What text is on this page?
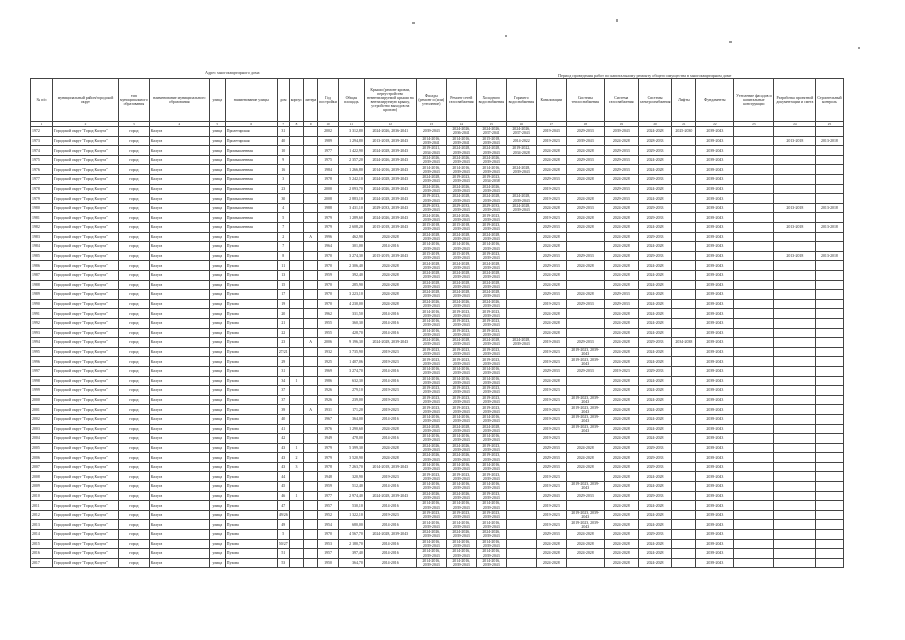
Адрес многоквартирного дома
Период проведения работ по капитальному ремонту общего имущества в многоквартирном доме
№ п/п	муниципальный район/городской округ	тип муниципального образования	наименование муниципального образования	улица	наименование улицы	дом	корпус	литера	Год постройки	Общая площадь	Крыши (ремонт кровли, переустройство невентилируемой крыши на вентилируемую крышу, устройство выходов на кровлю)	Фасады (ремонт и (или) утепление)	Ремонт сетей газоснабжения	Холодного водоснабжения	Горячего водоснабжения	Канализации	Системы теплоснабжения	Система газоснабжения	Системы электроснабжения	Лифты	Фундаменты	Утепление фасадов и капитальные конструкции	Разработка проектной документации и смета	Строительный контроль
1	2	3	4	5	6	7	8	9	10	11	12	13	14	15	16	17	18	19	20	21	22	23	24	25
1972	Городской округ "Город Калуга"	город	Калуга	улица	Пролетарская	31			2002	3 312,80	2024-2026, 2036-2041	2039-2043	2024-2026, 2036-2041	2024-2026, 2037-2041	2024-2026, 2037-2043	2019-2043	2029-2033	2039-2043	2024-2028	2025-2030	2039-2043			
1973	Городской округ "Город Калуга"	город	Калуга	улица	Пролетарская	40			1989	1 294,80	2013-2018, 2039-2043	2014-2016, 2039-2041	2014-2016, 2039-2041	2015-2018, 2039-2043	2014-2022	2019-2023	2039-2043	2024-2028	2028-2033		2039-2043		2013-2018	2013-2018
1974	Городской округ "Город Калуга"	город	Калуга	улица	Промышленная	10			1977	1 422,90	2024-2028, 2039-2043	2019-2021, 2034-2043	2024-2028, 2039-2043	2024-2028, 2039-2043	2019-2022, 2034-2028	2024-2028	2024-2028	2029-2033	2029-2033		2039-2043			
1975	Городской округ "Город Калуга"	город	Калуга	улица	Промышленная	9			1975	2 357,20	2024-2026, 2039-2043	2024-2026, 2039-2043	2024-2026, 2039-2043	2024-2026, 2039-2043		2024-2028	2029-2033	2029-2033	2024-2028		2039-2043			
1976	Городской округ "Город Калуга"	город	Калуга	улица	Промышленная	16			1984	1 266,80	2014-2016, 2039-2043	2014-2016, 2039-2043	2014-2016, 2039-2043	2014-2016, 2039-2043	2024-2028, 2039-2043	2024-2028	2024-2028	2029-2033	2024-2028		2039-2043			
1977	Городской округ "Город Калуга"	город	Калуга	улица	Промышленная	3			1978	5 242,10	2024-2028, 2039-2043	2024-2028, 2039-2043	2019-2023, 2039-2043	2019-2023, 2034-2038		2029-2033	2024-2028	2024-2028	2029-2033		2039-2043			
1978	Городской округ "Город Калуга"	город	Калуга	улица	Промышленная	23			2000	2 093,70	2024-2026, 2039-2043	2024-2026, 2039-2043	2024-2026, 2039-2043	2024-2026, 2039-2043		2019-2023		2029-2033	2024-2028		2039-2043			
1979	Городской округ "Город Калуга"	город	Калуга	улица	Промышленная	30			2008	2 883,10	2024-2028, 2039-2043	2019-2023, 2039-2043	2024-2028, 2039-2043	2024-2028, 2039-2043	2024-2028, 2039-2043	2019-2023	2024-2028	2029-2033	2024-2028		2039-2043			
1980	Городской округ "Город Калуга"	город	Калуга	улица	Промышленная	4			1988	3 431,10	2029-2033, 2039-2043	2029-2033, 2039-2043	2029-2033, 2039-2043	2029-2033, 2039-2043	2024-2028, 2039-2043	2024-2028	2029-2033	2024-2028	2029-2033		2039-2043		2013-2018	2013-2018
1981	Городской округ "Город Калуга"	город	Калуга	улица	Промышленная	5			1979	1 289,60	2024-2026, 2039-2043	2024-2026, 2039-2043	2024-2026, 2039-2043	2019-2023, 2039-2043		2019-2023	2024-2028	2024-2028	2029-2033		2039-2043			
1982	Городской округ "Город Калуга"	город	Калуга	улица	Промышленная	7			1979	2 608,20	2015-2018, 2039-2043	2015-2018, 2039-2043	2015-2018, 2039-2043	2019-2023, 2039-2043		2029-2033	2024-2028	2024-2028	2024-2028		2039-2043		2013-2018	2013-2018
1983	Городской округ "Город Калуга"	город	Калуга	улица	Пухова	2		А	1996	462,90	2024-2028	2024-2028, 2039-2043	2024-2028, 2039-2043	2024-2028, 2039-2043		2024-2028		2024-2028	2029-2033		2039-2043			
1984	Городской округ "Город Калуга"	город	Калуга	улица	Пухова	7			1964	301,00	2014-2016	2014-2016, 2039-2043	2014-2016, 2039-2043	2014-2016, 2039-2043		2024-2028		2024-2028	2024-2028		2039-2043			
1985	Городской округ "Город Калуга"	город	Калуга	улица	Пухова	8			1970	3 274,30	2015-2019, 2039-2043	2015-2019, 2039-2043	2015-2019, 2039-2043	2019-2023, 2039-2043		2029-2033	2029-2033	2024-2028	2029-2033		2039-2043		2013-2018	2013-2018
1986	Городской округ "Город Калуга"	город	Калуга	улица	Пухова	11			1970	2 306,40	2024-2028	2024-2028, 2039-2043	2024-2028, 2039-2043	2024-2028, 2039-2043		2029-2033	2024-2028	2024-2028	2024-2028		2039-2043			
1987	Городской округ "Город Калуга"	город	Калуга	улица	Пухова	13			1959	392,40	2024-2028	2024-2028, 2039-2043	2024-2028, 2039-2043	2024-2028, 2039-2043		2024-2028		2024-2028	2024-2028		2039-2043			
1988	Городской округ "Город Калуга"	город	Калуга	улица	Пухова	15			1970	285,90	2024-2028	2024-2028, 2039-2043	2024-2028, 2039-2043	2024-2028, 2039-2043		2024-2028		2024-2028	2024-2028		2039-2043			
1989	Городской округ "Город Калуга"	город	Калуга	улица	Пухова	17			1970	3 223,10	2024-2028	2024-2028, 2039-2043	2024-2028, 2039-2043	2024-2028, 2039-2043		2029-2033	2024-2028	2029-2033	2024-2028		2039-2043			
1990	Городской округ "Город Калуга"	город	Калуга	улица	Пухова	19			1970	4 230,00	2024-2028	2024-2026, 2039-2043	2024-2026, 2039-2043	2024-2026, 2039-2043		2019-2023	2029-2033	2029-2033	2024-2028		2039-2043			
1991	Городской округ "Город Калуга"	город	Калуга	улица	Пухова	20			1962	331,50	2014-2016	2014-2016, 2039-2043	2019-2023, 2039-2043	2019-2023, 2039-2043		2024-2028		2024-2028	2024-2028		2039-2043			
1992	Городской округ "Город Калуга"	город	Калуга	улица	Пухова	21			1955	360,30	2014-2016	2014-2016, 2039-2043	2019-2023, 2039-2043	2019-2023, 2039-2043		2024-2028		2024-2028	2024-2028		2039-2043			
1993	Городской округ "Город Калуга"	город	Калуга	улица	Пухова	22			1955	428,70	2014-2016	2014-2016, 2039-2043	2019-2023, 2039-2043	2019-2023, 2039-2043		2024-2028		2024-2028	2024-2028		2039-2043			
1994	Городской округ "Город Калуга"	город	Калуга	улица	Пухова	23		А	2006	9 196,30	2024-2028, 2039-2043	2024-2026, 2039-2043	2024-2028, 2039-2043	2024-2028, 2039-2043	2024-2028, 2039-2043	2019-2043	2029-2033	2024-2028	2029-2033	2034-2038	2039-2043			
1995	Городской округ "Город Калуга"	город	Калуга	улица	Пухова	27/21			1932	3 735,90	2019-2023	2019-2023, 2039-2043	2019-2023, 2039-2043	2019-2023, 2039-2043		2019-2023	2019-2023, 2039-2043	2024-2028	2024-2028		2039-2043			
1996	Городской округ "Город Калуга"	город	Калуга	улица	Пухова	29			1925	1 407,06	2019-2023	2019-2023, 2039-2043	2019-2023, 2039-2043	2019-2023, 2039-2043		2019-2023	2019-2023, 2039-2043	2024-2028	2024-2028		2039-2043			
1997	Городской округ "Город Калуга"	город	Калуга	улица	Пухова	31			1969	3 274,70	2014-2016	2014-2016, 2039-2043	2014-2016, 2039-2043	2014-2016, 2039-2043		2029-2033	2029-2033	2019-2023	2029-2033		2039-2043			
1998	Городской округ "Город Калуга"	город	Калуга	улица	Пухова	34	1		1986	632,30	2014-2016	2014-2016, 2039-2043	2014-2016, 2039-2043	2014-2016, 2039-2043		2024-2028		2024-2028	2024-2028		2039-2043			
1999	Городской округ "Город Калуга"	город	Калуга	улица	Пухова	37			1926	279,10	2019-2023	2019-2023, 2039-2043	2019-2023, 2039-2043	2019-2023, 2039-2043		2019-2023		2024-2028	2024-2028		2039-2043			
2000	Городской округ "Город Калуга"	город	Калуга	улица	Пухова	37			1926	239,00	2019-2023	2019-2023, 2039-2043	2019-2023, 2039-2043	2019-2023, 2039-2043		2019-2023	2019-2023, 2039-2043	2024-2028	2024-2028		2039-2043			
2001	Городской округ "Город Калуга"	город	Калуга	улица	Пухова	39		А	1931	171,20	2019-2023	2019-2023, 2039-2043	2019-2023, 2039-2043	2019-2023, 2039-2043		2019-2023	2019-2023, 2039-2043	2024-2028	2024-2028		2039-2043			
2002	Городской округ "Город Калуга"	город	Калуга	улица	Пухова	40			1967	364,00	2014-2016	2014-2016, 2039-2043	2014-2016, 2039-2043	2014-2016, 2039-2043		2019-2023	2019-2023, 2039-2043	2024-2028	2024-2028		2039-2043			
2003	Городской округ "Город Калуга"	город	Калуга	улица	Пухова	41			1976	1 290,60	2024-2028	2024-2028, 2039-2043	2024-2028, 2039-2043	2024-2028, 2039-2043		2019-2023	2019-2023, 2039-2043	2024-2028	2024-2028		2039-2043			
2004	Городской округ "Город Калуга"	город	Калуга	улица	Пухова	42			1949	478,00	2014-2016	2014-2016, 2039-2043	2014-2016, 2039-2043	2014-2016, 2039-2043		2019-2023		2024-2028	2024-2028		2039-2043			
2005	Городской округ "Город Калуга"	город	Калуга	улица	Пухова	43	1		1979	5 399,30	2024-2028	2024-2026, 2039-2043	2024-2026, 2039-2043	2019-2023, 2039-2043		2029-2033	2024-2028	2024-2028	2029-2033		2039-2043			
2006	Городской округ "Город Калуга"	город	Калуга	улица	Пухова	43	2		1979	3 520,90	2024-2028	2024-2026, 2039-2043	2024-2026, 2039-2043	2019-2023, 2039-2043		2029-2033	2024-2028	2024-2028	2029-2033		2039-2043			
2007	Городской округ "Город Калуга"	город	Калуга	улица	Пухова	43	3		1978	7 263,70	2014-2018, 2039-2043	2014-2016, 2039-2043	2014-2016, 2039-2043	2014-2016, 2039-2043		2029-2033	2024-2028	2024-2028	2029-2033		2039-2043			
2008	Городской округ "Город Калуга"	город	Калуга	улица	Пухова	44			1948	320,90	2019-2023	2019-2023, 2039-2043	2019-2023, 2039-2043	2019-2023, 2039-2043		2019-2023		2024-2028	2024-2028		2039-2043			
2009	Городской округ "Город Калуга"	город	Калуга	улица	Пухова	45			1959	512,40	2014-2016	2014-2016, 2039-2043	2014-2016, 2039-2043	2014-2016, 2039-2043		2019-2023	2019-2023, 2039-2043	2024-2028	2024-2028		2039-2043			
2010	Городской округ "Город Калуга"	город	Калуга	улица	Пухова	46	1		1977	2 974,40	2024-2028, 2039-2043	2024-2026, 2039-2043	2024-2026, 2039-2043	2019-2023, 2039-2043		2029-2043	2029-2033	2024-2028	2029-2033		2039-2043			
2011	Городской округ "Город Калуга"	город	Калуга	улица	Пухова	47			1957	530,10	2014-2016	2014-2016, 2039-2043	2014-2016, 2039-2043	2014-2016, 2039-2043		2019-2023		2024-2028	2024-2028		2039-2043			
2012	Городской округ "Город Калуга"	город	Калуга	улица	Пухова	49/26			1952	1 322,10	2019-2023	2019-2023, 2039-2043	2019-2023, 2039-2043	2019-2023, 2039-2043		2019-2023	2019-2023, 2039-2043	2024-2028	2024-2028		2039-2043			
2013	Городской округ "Город Калуга"	город	Калуга	улица	Пухова	49			1954	680,00	2014-2016	2014-2016, 2039-2043	2014-2016, 2039-2043	2014-2016, 2039-2043		2019-2023	2019-2023, 2039-2043	2024-2028	2024-2028		2039-2043			
2014	Городской округ "Город Калуга"	город	Калуга	улица	Пухова	5			1970	4 567,70	2024-2028, 2039-2043	2024-2026, 2039-2043	2024-2026, 2039-2043	2024-2026, 2039-2043		2029-2033	2024-2028	2024-2028	2029-2033		2039-2043			
2015	Городской округ "Город Калуга"	город	Калуга	улица	Пухова	50/27			1953	2 180,70	2014-2016	2014-2016, 2039-2043	2014-2016, 2039-2043	2014-2016, 2039-2043		2024-2028	2024-2028	2024-2028	2024-2028		2039-2043			
2016	Городской округ "Город Калуга"	город	Калуга	улица	Пухова	51			1957	397,40	2014-2016	2014-2016, 2039-2043	2014-2016, 2039-2043	2014-2016, 2039-2043		2024-2028	2024-2028	2024-2028	2024-2028		2039-2043			
2017	Городской округ "Город Калуга"	город	Калуга	улица	Пухова	53			1950	364,70	2014-2016	2014-2016, 2039-2043	2014-2016, 2039-2043	2014-2016, 2039-2043		2024-2028		2024-2028	2024-2028		2039-2043			
